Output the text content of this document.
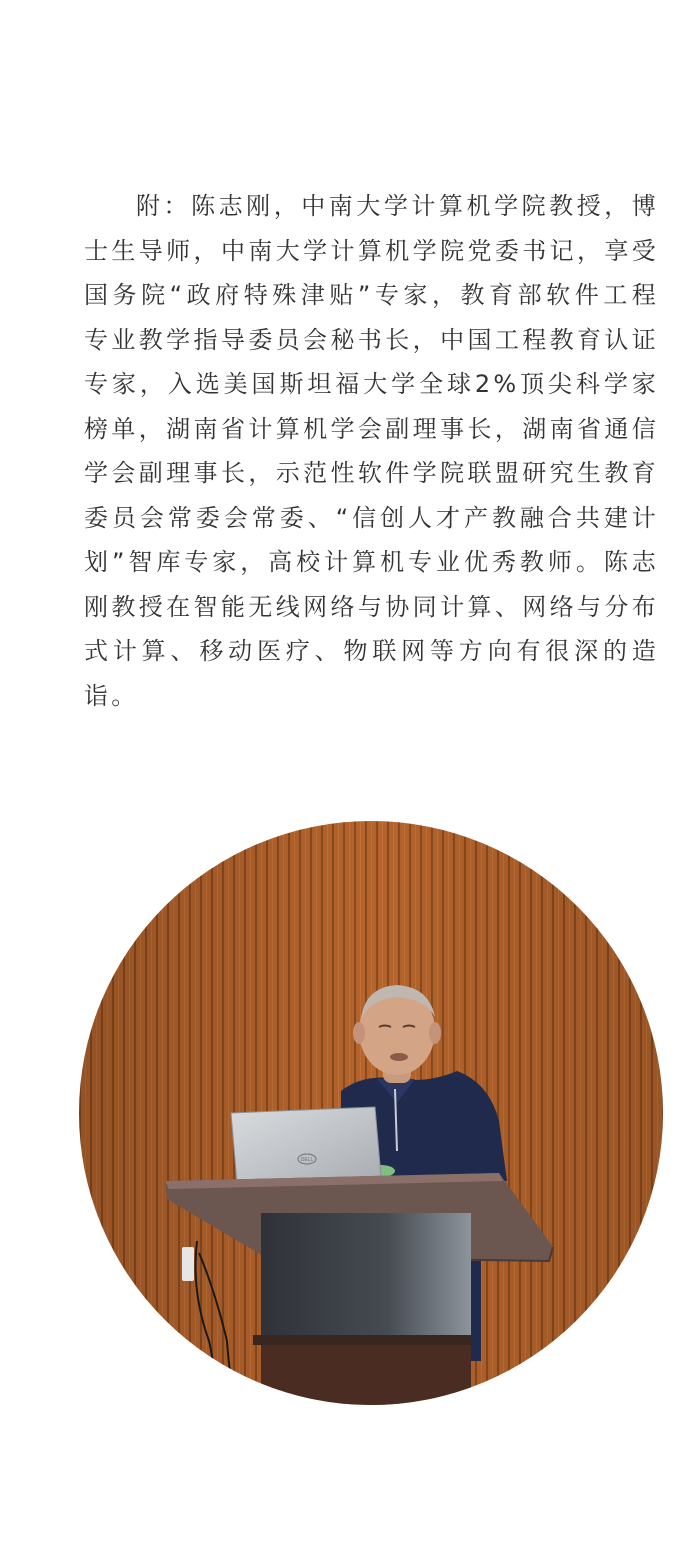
附：陈志刚，中南大学计算机学院教授，博士生导师，中南大学计算机学院党委书记，享受国务院“政府特殊津贴”专家，教育部软件工程专业教学指导委员会秘书长，中国工程教育认证专家，入选美国斯坦福大学全球2%顶尖科学家榜单，湖南省计算机学会副理事长，湖南省通信学会副理事长，示范性软件学院联盟研究生教育委员会常委会常委、“信创人才产教融合共建计划”智库专家，高校计算机专业优秀教师。陈志刚教授在智能无线网络与协同计算、网络与分布式计算、移动医疗、物联网等方向有很深的造诣。

DELL
